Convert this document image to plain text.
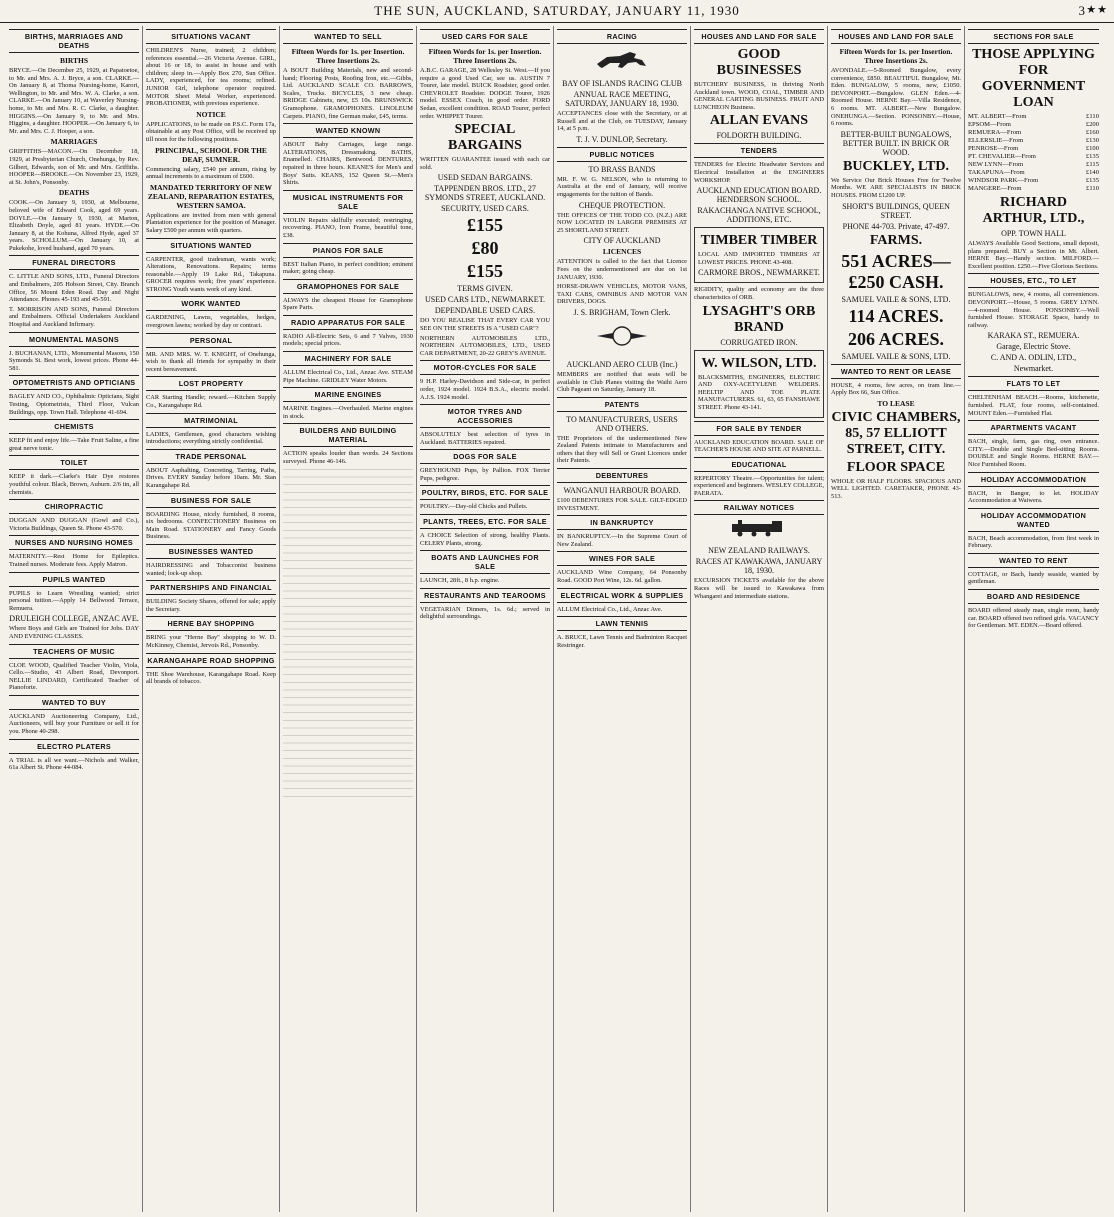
THE SUN, AUCKLAND, SATURDAY, JANUARY 11, 1930	3 ★★
BIRTHS, MARRIAGES AND DEATHS
BIRTHS

BRYCE.—On December 25, 1929, at Papatoetoe, to Mr. and Mrs. A. J. Bryce, a son. CLARKE.—On January 8, at Thoma Nursing-home, Karori, Wellington, to Mr. and Mrs. W. A. Clarke, a son. CLARKE.—On January 10, at Waverley Nursing-home, to Mr. and Mrs. R. C. Clarke, a daughter. HIGGINS.—On January 9, to Mr. and Mrs. Higgins, a daughter. HOOPER.—On January 6, to Mr. and Mrs. C. J. Hooper, a son.

MARRIAGES

GRIFFITHS—MACON.—On December 18, 1929, at Presbyterian Church, Onehunga, by Rev. Gilbert, Edwards, son of Mr. and Mrs. Griffiths. HOOPER—BROOKE.—On November 23, 1929, at St. John's, Ponsonby.

DEATHS

COOK.—On January 9, 1930, at Melbourne, beloved wife of Edward Cook, aged 69 years. DOYLE.—On January 9, 1930, at Marton, Elizabeth Doyle, aged 81 years. HYDE.—On January 8, at the Kohuna, Alfred Hyde, aged 37 years. SCHOLLUM.—On January 10, at Pukekohe, loved husband, aged 70 years.

FUNERAL DIRECTORS

C. LITTLE AND SONS, LTD., Funeral Directors and Embalmers, 205 Hobson Street, City. Branch Office, 56 Mount Eden Road. Day and Night Attendance. Phones 45-193 and 45-591.

T. MORRISON AND SONS, Funeral Directors and Embalmers. Official Undertakers Auckland Hospital and Auckland Infirmary.

MONUMENTAL MASONS

J. BUCHANAN, LTD., Monumental Masons, 150 Symonds St. Best work, lowest prices. Phone 44-581.

OPTOMETRISTS AND OPTICIANS

BAGLEY AND CO., Ophthalmic Opticians, Sight Testing, Optometrists, Third Floor, Vulcan Buildings, opp. Town Hall. Telephone 41-694.

CHEMISTS

KEEP fit and enjoy life.—Take Fruit Saline, a fine great nerve tonic.

TOILET

KEEP it dark.—Clarke's Hair Dye restores youthful colour. Black, Brown, Auburn. 2/6 tin, all chemists.

CHIROPRACTIC

DUGGAN AND DUGGAN (Gowl and Co.), Victoria Buildings, Queen St. Phone 43-570.

NURSES AND NURSING HOMES

MATERNITY.—Rest Home for Epileptics. Trained nurses. Moderate fees. Apply Matron.

PUPILS WANTED

PUPILS to Learn Wrestling wanted; strict personal tuition.—Apply 14 Bellwood Terrace, Remuera.

DRULEIGH COLLEGE, ANZAC AVE.

Where Boys and Girls are Trained for Jobs. DAY AND EVENING CLASSES.

TEACHERS OF MUSIC

CLOE WOOD, Qualified Teacher Violin, Viola, Cello.—Studio, 43 Albert Road, Devonport. NELLIE LINDARD, Certificated Teacher of Pianoforte.

WANTED TO BUY

AUCKLAND Auctioneering Company, Ltd., Auctioneers, will buy your Furniture or sell it for you. Phone 40-298.

ELECTRO PLATERS

A TRIAL is all we want.—Nichols and Walker, 61a Albert St. Phone 44-084.

SITUATIONS VACANT

CHILDREN'S Nurse, trained; 2 children; references essential.—26 Victoria Avenue. GIRL, about 16 or 18, to assist in house and with children; sleep in.—Apply Box 270, Sun Office. LADY, experienced, for tea rooms; refined. JUNIOR Girl, telephone operator required. MOTOR Sheet Metal Worker, experienced. PROBATIONER, with previous experience.

NOTICE

APPLICATIONS, to be made on P.S.C. Form 17a, obtainable at any Post Office, will be received up till noon for the following positions.

PRINCIPAL, SCHOOL FOR THE DEAF, SUMNER.

Commencing salary, £540 per annum, rising by annual increments to a maximum of £600.

MANDATED TERRITORY OF NEW ZEALAND, REPARATION ESTATES, WESTERN SAMOA.

Applications are invited from men with general Plantation experience for the position of Manager. Salary £500 per annum with quarters.

SITUATIONS WANTED

CARPENTER, good tradesman, wants work; Alterations, Renovations. Repairs; terms reasonable.—Apply 19 Lake Rd., Takapuna. GROCER requires work; five years' experience. STRONG Youth wants work of any kind.

WORK WANTED

GARDENING, Lawns, vegetables, hedges, overgrown lawns; worked by day or contract.

PERSONAL

MR. AND MRS. W. T. KNIGHT, of Onehunga, wish to thank all friends for sympathy in their recent bereavement.

LOST PROPERTY

CAR Starting Handle; reward.—Kitchen Supply Co., Karangahape Rd.

MATRIMONIAL

LADIES, Gentlemen, good characters wishing introductions; everything strictly confidential.

TRADE PERSONAL

ABOUT Asphalting, Concreting, Tarring, Paths, Drives. EVERY Sunday before 10am. Mr. Stan Karangahape Rd.

BUSINESS FOR SALE

BOARDING House, nicely furnished, 8 rooms, six bedrooms. CONFECTIONERY Business on Main Road. STATIONERY and Fancy Goods Business.

BUSINESSES WANTED

HAIRDRESSING and Tobacconist business wanted; lock-up shop.

PARTNERSHIPS AND FINANCIAL

BUILDING Society Shares, offered for sale; apply the Secretary.

HERNE BAY SHOPPING

BRING your "Herne Bay" shopping to W. D. McKinney, Chemist, Jervois Rd., Ponsonby.

KARANGAHAPE ROAD SHOPPING

THE Shoe Warehouse, Karangahape Road. Keep all brands of tobacco.

WANTED TO SELL
Fifteen Words for 1s. per Insertion. Three Insertions 2s.

A BOUT Building Materials, new and second-hand; Flooring Posts, Roofing Iron, etc.—Gibbs, Ltd. AUCKLAND SCALE CO. BARROWS, Scales, Trucks. BICYCLES, 3 new cheap. BRIDGE Cabinets, new, £5 10s. BRUNSWICK Gramophone. GRAMOPHONES. LINOLEUM Carpets. PIANO, fine German make, £45, terms.

WANTED KNOWN

ABOUT Baby Carriages, large range. ALTERATIONS, Dressmaking. BATHS, Enamelled. CHAIRS, Bentwood. DENTURES, repaired in three hours. KEANE'S for Men's and Boys' Suits. KEANS, 152 Queen St.—Men's Shirts.

MUSICAL INSTRUMENTS FOR SALE

VIOLIN Repairs skilfully executed; restringing, recovering. PIANO, Iron Frame, beautiful tone, £38.

PIANOS FOR SALE

BEST Italian Piano, in perfect condition; eminent maker; going cheap.

GRAMOPHONES FOR SALE

ALWAYS the cheapest House for Gramophone Spare Parts.

RADIO APPARATUS FOR SALE

RADIO All-Electric Sets, 6 and 7 Valves, 1930 models; special prices.

MACHINERY FOR SALE

ALLUM Electrical Co., Ltd., Anzac Ave. STEAM Pipe Machine. GRIDLEY Water Motors.

MARINE ENGINES

MARINE Engines.—Overhauled. Marine engines in stock.

BUILDERS AND BUILDING MATERIAL

ACTION speaks louder than words. 24 Sections surveyed. Phone 46-146.

USED CARS FOR SALE
Fifteen Words for 1s. per Insertion. Three Insertions 2s.

A.B.C. GARAGE, 28 Wellesley St. West.—If you require a good Used Car, see us. AUSTIN 7 Tourer, late model. BUICK Roadster, good order. CHEVROLET Roadster. DODGE Tourer, 1926 model. ESSEX Coach, in good order. FORD Sedan, excellent condition. ROAD Tourer, perfect order. WHIPPET Tourer.

SPECIAL BARGAINS

WRITTEN GUARANTEE issued with each car sold.

USED SEDAN BARGAINS.
TAPPENDEN BROS. LTD., 27 SYMONDS STREET, AUCKLAND.
SECURITY, USED CARS.
£155
£80
£155
TERMS GIVEN.
USED CARS LTD., NEWMARKET.
DEPENDABLE USED CARS.

DO YOU REALISE THAT EVERY CAR YOU SEE ON THE STREETS IS A "USED CAR"?

NORTHERN AUTOMOBILES LTD., NORTHERN AUTOMOBILES, LTD., USED CAR DEPARTMENT, 20-22 GREY'S AVENUE.

MOTOR-CYCLES FOR SALE

9 H.P. Harley-Davidson and Side-car, in perfect order, 1924 model. 1924 B.S.A., electric model. A.J.S. 1924 model.

MOTOR TYRES AND ACCESSORIES

ABSOLUTELY best selection of tyres in Auckland. BATTERIES repaired.

DOGS FOR SALE

GREYHOUND Pups, by Pallion. FOX Terrier Pups, pedigree.

POULTRY, BIRDS, ETC. FOR SALE

POULTRY.—Day-old Chicks and Pullets.

PLANTS, TREES, ETC. FOR SALE

A CHOICE Selection of strong, healthy Plants. CELERY Plants, strong.

BOATS AND LAUNCHES FOR SALE

LAUNCH, 28ft., 8 h.p. engine.

RESTAURANTS AND TEAROOMS

VEGETARIAN Dinners, 1s. 6d.; served in delightful surroundings.

RACING
BAY OF ISLANDS RACING CLUB
ANNUAL RACE MEETING, SATURDAY, JANUARY 18, 1930.

ACCEPTANCES close with the Secretary, or at Russell and at the Club, on TUESDAY, January 14, at 5 p.m.

T. J. V. DUNLOP, Secretary.
PUBLIC NOTICES
TO BRASS BANDS

MR. F. W. G. NELSON, who is returning to Australia at the end of January, will receive engagements for the tuition of Bands.

CHEQUE PROTECTION.

THE OFFICES OF THE TODD CO. (N.Z.) ARE NOW LOCATED IN LARGER PREMISES AT 25 SHORTLAND STREET.

CITY OF AUCKLAND
LICENCES

ATTENTION is called to the fact that Licence Fees on the undermentioned are due on 1st JANUARY, 1930.

HORSE-DRAWN VEHICLES, MOTOR VANS, TAXI CABS, OMNIBUS AND MOTOR VAN DRIVERS, DOGS.

J. S. BRIGHAM, Town Clerk.
AUCKLAND AERO CLUB (Inc.)

MEMBERS are notified that seats will be available in Club Planes visiting the Waihi Aero Club Pageant on Saturday, January 18.

PATENTS
TO MANUFACTURERS, USERS AND OTHERS.

THE Proprietors of the undermentioned New Zealand Patents intimate to Manufacturers and others that they will Sell or Grant Licences under their Patents.

DEBENTURES
WANGANUI HARBOUR BOARD.

£100 DEBENTURES FOR SALE. GILT-EDGED INVESTMENT.

IN BANKRUPTCY

IN BANKRUPTCY.—In the Supreme Court of New Zealand.

WINES FOR SALE

AUCKLAND Wine Company, 64 Ponsonby Road. GOOD Port Wine, 12s. 6d. gallon.

ELECTRICAL WORK & SUPPLIES

ALLUM Electrical Co., Ltd., Anzac Ave.

LAWN TENNIS

A. BRUCE, Lawn Tennis and Badminton Racquet Restringer.

HOUSES AND LAND FOR SALE
GOOD BUSINESSES

BUTCHERY BUSINESS, in thriving North Auckland town. WOOD, COAL, TIMBER AND GENERAL CARTING BUSINESS. FRUIT AND LUNCHEON Business.

ALLAN EVANS
FOLDORTH BUILDING.
TENDERS

TENDERS for Electric Headwater Services and Electrical Installation at the ENGINEERS WORKSHOP.

AUCKLAND EDUCATION BOARD. HENDERSON SCHOOL.
RAKACHANGA NATIVE SCHOOL, ADDITIONS, ETC.
TIMBER TIMBER

LOCAL AND IMPORTED TIMBERS AT LOWEST PRICES. PHONE 43-408.

CARMORE BROS., NEWMARKET.

RIGIDITY, quality and economy are the three characteristics of ORB.

LYSAGHT'S ORB BRAND
CORRUGATED IRON.
W. WILSON, LTD.

BLACKSMITHS, ENGINEERS, ELECTRIC AND OXY-ACETYLENE WELDERS. HEELTIP AND TOE PLATE MANUFACTURERS. 61, 63, 65 FANSHAWE STREET. Phone 43-141.

FOR SALE BY TENDER

AUCKLAND EDUCATION BOARD. SALE OF TEACHER'S HOUSE AND SITE AT PARNELL.

EDUCATIONAL

REPERTORY Theatre.—Opportunities for talent; experienced and beginners. WESLEY COLLEGE, PAERATA.

RAILWAY NOTICES
NEW ZEALAND RAILWAYS.
RACES AT KAWAKAWA, JANUARY 18, 1930.

EXCURSION TICKETS available for the above Races will be issued to Kawakawa from Whangarei and intermediate stations.

HOUSES AND LAND FOR SALE
Fifteen Words for 1s. per Insertion. Three Insertions 2s.

AVONDALE.—5-Roomed Bungalow, every convenience, £850. BEAUTIFUL Bungalow, Mt. Eden. BUNGALOW, 5 rooms, new, £1050. DEVONPORT.—Bungalow. GLEN Eden.—4-Roomed House. HERNE Bay.—Villa Residence, 6 rooms. MT. ALBERT.—New Bungalow. ONEHUNGA.—Section. PONSONBY.—House, 6 rooms.

BETTER-BUILT BUNGALOWS, BETTER BUILT. IN BRICK OR WOOD.
BUCKLEY, LTD.

We Service Our Brick Houses Free for Twelve Months. WE ARE SPECIALISTS IN BRICK HOUSES. FROM £1200 UP.

SHORT'S BUILDINGS, QUEEN STREET.
PHONE 44-703. Private, 47-497.
FARMS.
551 ACRES—£250 CASH.
SAMUEL VAILE & SONS, LTD.
114 ACRES.
206 ACRES.
SAMUEL VAILE & SONS, LTD.
WANTED TO RENT OR LEASE

HOUSE, 4 rooms, few acres, on tram line.—Apply Box 66, Sun Office.

TO LEASE
CIVIC CHAMBERS, 85, 57 ELLIOTT STREET, CITY.
FLOOR SPACE

WHOLE OR HALF FLOORS. SPACIOUS AND WELL LIGHTED. CARETAKER, PHONE 43-513.

SECTIONS FOR SALE
THOSE APPLYING FOR GOVERNMENT LOAN
MT. ALBERT—From	£110
EPSOM—From	£200
REMUERA—From	£160
ELLERSLIE—From	£130
PENROSE—From	£100
PT. CHEVALIER—From	£135
NEW LYNN—From	£115
TAKAPUNA—From	£140
WINDSOR PARK—From	£135
MANGERE—From	£110
RICHARD ARTHUR, LTD.,
OPP. TOWN HALL

ALWAYS Available Good Sections, small deposit, plans prepared. BUY a Section in Mt. Albert. HERNE Bay.—Handy section. MILFORD.—Excellent position. £250.—Five Glorious Sections.

HOUSES, ETC., TO LET

BUNGALOWS, new, 4 rooms, all conveniences. DEVONPORT.—House, 5 rooms. GREY LYNN.—4-roomed House. PONSONBY.—Well furnished House. STORAGE Space, handy to railway.

KARAKA ST., REMUERA.
Garage, Electric Stove.
C. AND A. ODLIN, LTD.,
Newmarket.
FLATS TO LET

CHELTENHAM BEACH.—Rooms, kitchenette, furnished. FLAT, four rooms, self-contained. MOUNT Eden.—Furnished Flat.

APARTMENTS VACANT

BACH, single, farm, gas ring, own entrance. CITY.—Double and Single Bed-sitting Rooms. DOUBLE and Single Rooms. HERNE BAY.—Nice Furnished Room.

HOLIDAY ACCOMMODATION

BACH, in Bangor, to let. HOLIDAY Accommodation at Waiwera.

HOLIDAY ACCOMMODATION WANTED

BACH, Beach accommodation, from first week in February.

WANTED TO RENT

COTTAGE, or Bach, handy seaside, wanted by gentleman.

BOARD AND RESIDENCE

BOARD offered steady man, single room, handy car. BOARD offered two refined girls. VACANCY for Gentleman. MT. EDEN.—Board offered.
